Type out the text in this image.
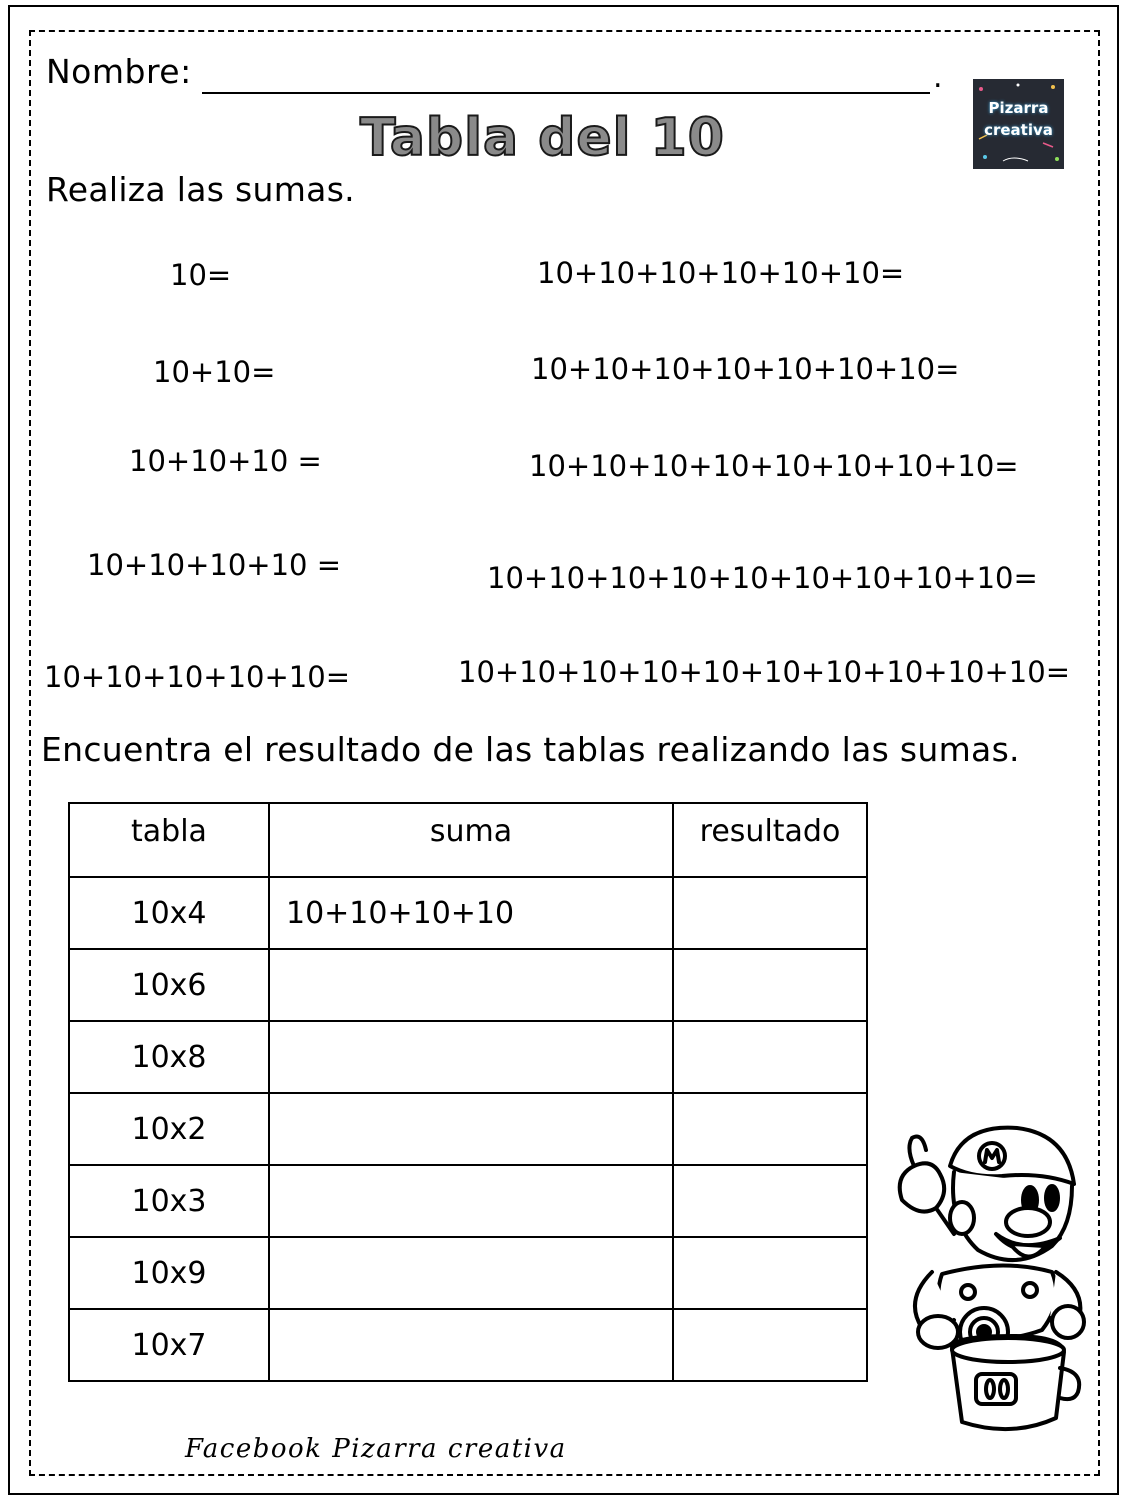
Nombre:	.
Tabla del 10	Pizarra
creativa
Realiza las sumas.
10=
10+10=
10+10+10 =
10+10+10+10 =
10+10+10+10+10=
10+10+10+10+10+10=
10+10+10+10+10+10+10=
10+10+10+10+10+10+10+10=
10+10+10+10+10+10+10+10+10=
10+10+10+10+10+10+10+10+10+10=
Encuentra el resultado de las tablas realizando las sumas.
tabla	suma	resultado
10x4	10+10+10+10	
10x6		
10x8		
10x2		
10x3		
10x9		
10x7		
Facebook Pizarra creativa
